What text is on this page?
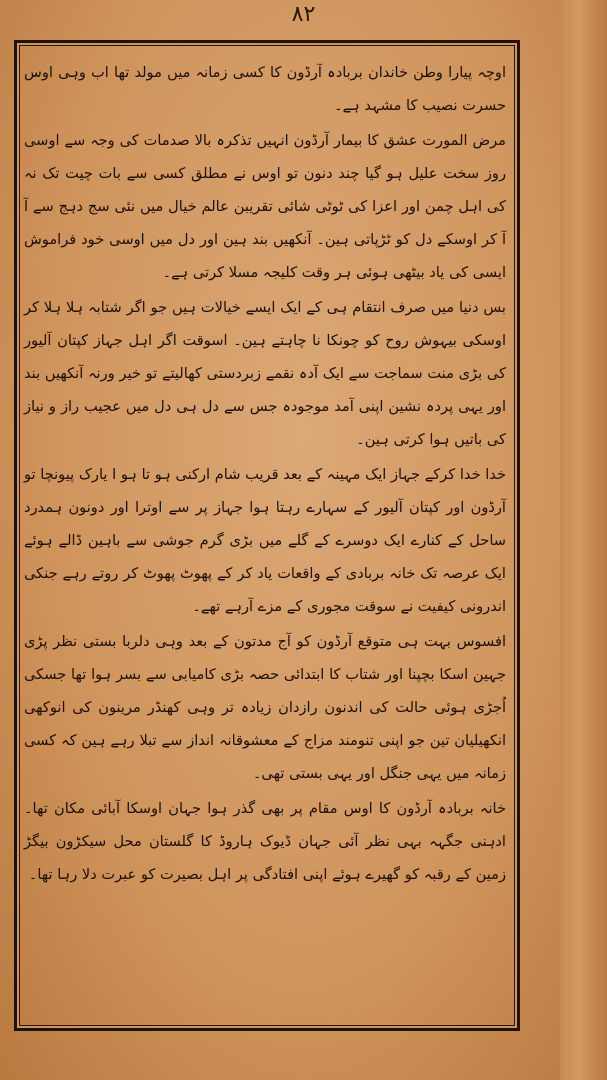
۸۲

اوچہ پیارا وطن خاندان بربادہ آرڈون کا کسی زمانہ میں مولد تھا اب وہی اوس حسرت نصیب کا مشہد ہے۔

مرض المورت عشق کا بیمار آرڈون انہیں تذکرہ بالا صدمات کی وجہ سے اوسی روز سخت علیل ہو گیا چند دنون تو اوس نے مطلق کسی سے بات چیت تک نہ کی اہل چمن اور اعزا کی ٹوٹی شائی تقریبن عالم خیال میں نئی سج دہج سے آ آ کر اوسکے دل کو ٹڑپاتی ہین۔ آنکھیں بند ہین اور دل میں اوسی خود فراموش ایسی کی یاد بیٹھی ہوئی ہر وقت کلیجہ مسلا کرتی ہے۔

بس دنیا میں صرف انتقام ہی کے ایک ایسے خیالات ہیں جو اگر شتابہ ہلا ہلا کر اوسکی بیہوش روح کو چونکا نا چاہتے ہین۔ اسوقت اگر اہل جہاز کپتان آلیور کی بڑی منت سماجت سے ایک آدہ نقمے زبردستی کھالیتے تو خیر ورنہ آنکھیں بند اور یہی پردہ نشین اپنی آمد موجودہ جس سے دل ہی دل میں عجیب راز و نیاز کی باتیں ہوا کرتی ہین۔

خدا خدا کرکے جہاز ایک مہینہ کے بعد قریب شام ارکنی ہو تا ہو ا یارک پیونچا تو آرڈون اور کپتان آلیور کے سہارے رہتا ہوا جہاز پر سے اوترا اور دونون ہمدرد ساحل کے کنارے ایک دوسرے کے گلے میں بڑی گرم جوشی سے باہین ڈالے ہوئے ایک عرصہ تک خانہ بربادی کے واقعات یاد کر کے پھوٹ پھوٹ کر روتے رہے جنکی اندرونی کیفیت نے سوقت مجوری کے مزے آرہے تھے۔

افسوس بہت ہی متوقع آرڈون کو آج مدتون کے بعد وہی دلربا بستی نظر پڑی جہین اسکا بچپنا اور شتاب کا ابتدائی حصہ بڑی کامیابی سے بسر ہوا تھا جسکی اُجڑی ہوئی حالت کی اندنون رازدان زیادہ تر وہی کھنڈر مرینون کی انوکھی انکھیلیان تین جو اپنی تنومند مزاج کے معشوقانہ انداز سے تبلا رہے ہین کہ کسی زمانہ میں یہی جنگل اور یہی بستی تھی۔

خانہ بربادہ آرڈون کا اوس مقام پر بھی گذر ہوا جہان اوسکا آبائی مکان تھا۔ ادہنی جگہہ بہی نظر آئی جہان ڈیوک ہاروڈ کا گلستان محل سیکڑون بیگڑ زمین کے رقبہ کو گھیرے ہوئے اپنی افتادگی پر اہل بصیرت کو عبرت دلا رہا تھا۔
